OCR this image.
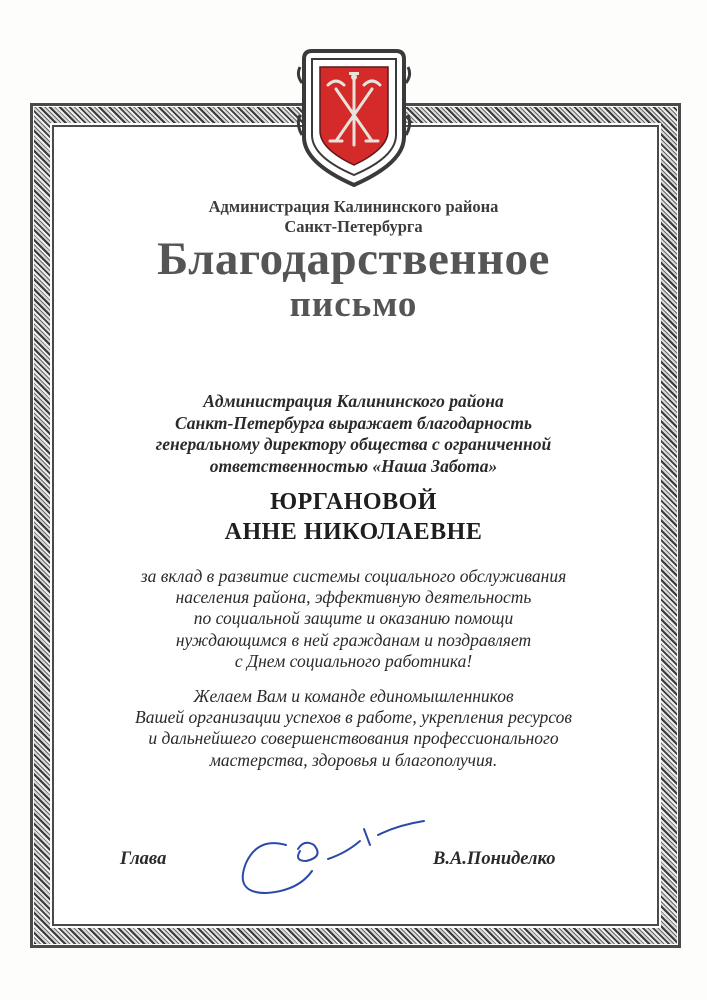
Администрация Калининского района
Санкт-Петербурга
Благодарственное
письмо
Администрация Калининского района
Санкт-Петербурга выражает благодарность
генеральному директору общества с ограниченной
ответственностью «Наша Забота»
ЮРГАНОВОЙ
АННЕ НИКОЛАЕВНЕ
за вклад в развитие системы социального обслуживания
населения района, эффективную деятельность
по социальной защите и оказанию помощи
нуждающимся в ней гражданам и поздравляет
с Днем социального работника!
Желаем Вам и команде единомышленников
Вашей организации успехов в работе, укрепления ресурсов
и дальнейшего совершенствования профессионального
мастерства, здоровья и благополучия.
Глава	В.А.Пониделко
